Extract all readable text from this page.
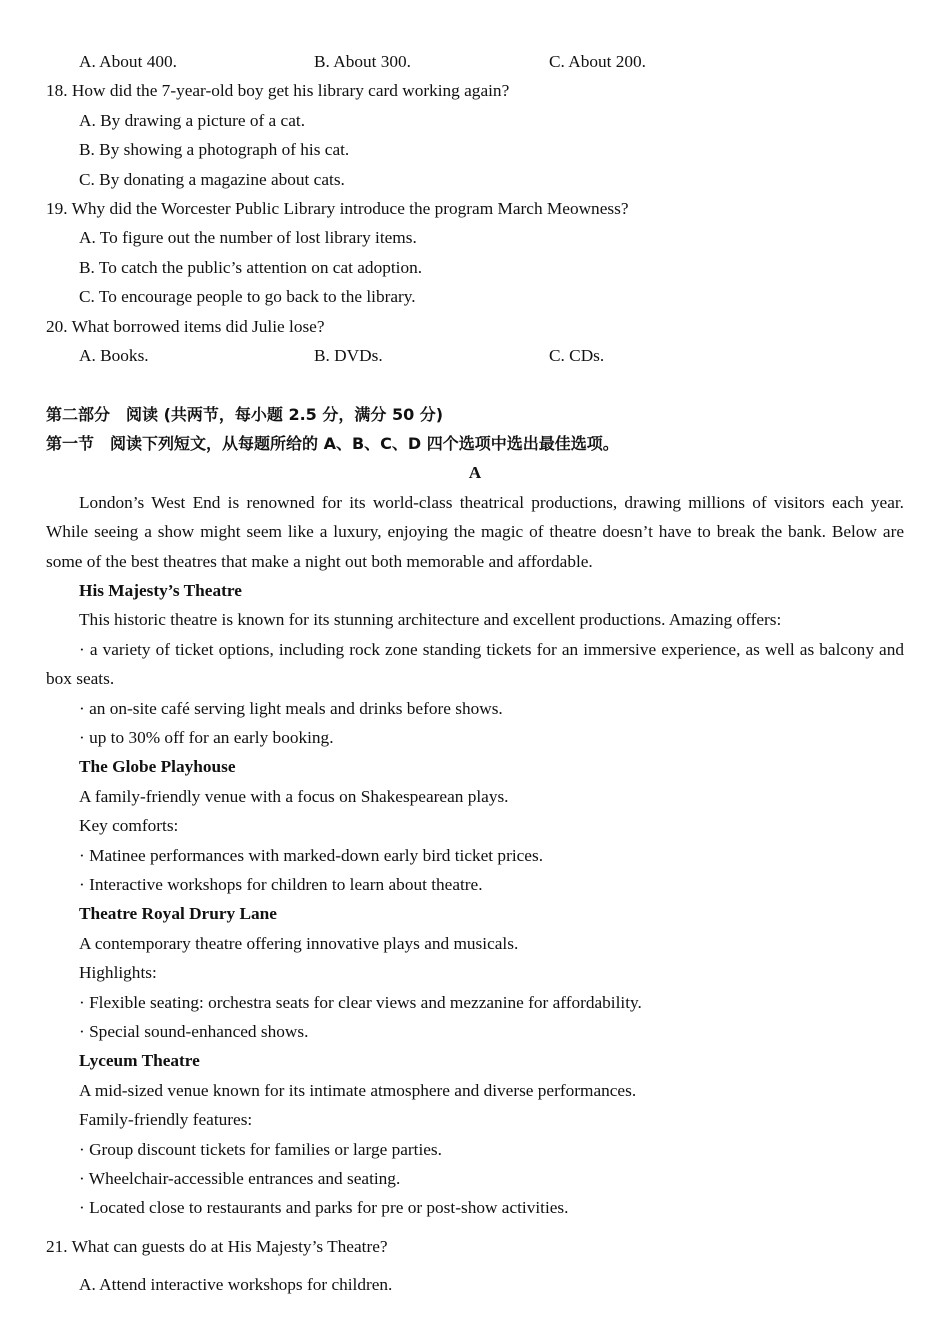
A. About 400.	B. About 300.	C. About 200.
18. How did the 7-year-old boy get his library card working again?
A. By drawing a picture of a cat.
B. By showing a photograph of his cat.
C. By donating a magazine about cats.
19. Why did the Worcester Public Library introduce the program March Meowness?
A. To figure out the number of lost library items.
B. To catch the public’s attention on cat adoption.
C. To encourage people to go back to the library.
20. What borrowed items did Julie lose?
A. Books.	B. DVDs.	C. CDs.
第二部分　阅读 (共两节，每小题 2.5 分，满分 50 分)
第一节　阅读下列短文，从每题所给的 A、B、C、D 四个选项中选出最佳选项。
A
London’s West End is renowned for its world-class theatrical productions, drawing millions of visitors each year. While seeing a show might seem like a luxury, enjoying the magic of theatre doesn’t have to break the bank. Below are some of the best theatres that make a night out both memorable and affordable.
His Majesty’s Theatre
This historic theatre is known for its stunning architecture and excellent productions. Amazing offers:
· a variety of ticket options, including rock zone standing tickets for an immersive experience, as well as balcony and box seats.
· an on-site café serving light meals and drinks before shows.
· up to 30% off for an early booking.
The Globe Playhouse
A family-friendly venue with a focus on Shakespearean plays.
Key comforts:
· Matinee performances with marked-down early bird ticket prices.
· Interactive workshops for children to learn about theatre.
Theatre Royal Drury Lane
A contemporary theatre offering innovative plays and musicals.
Highlights:
· Flexible seating: orchestra seats for clear views and mezzanine for affordability.
· Special sound-enhanced shows.
Lyceum Theatre
A mid-sized venue known for its intimate atmosphere and diverse performances.
Family-friendly features:
· Group discount tickets for families or large parties.
· Wheelchair-accessible entrances and seating.
· Located close to restaurants and parks for pre or post-show activities.
21. What can guests do at His Majesty’s Theatre?
A. Attend interactive workshops for children.
